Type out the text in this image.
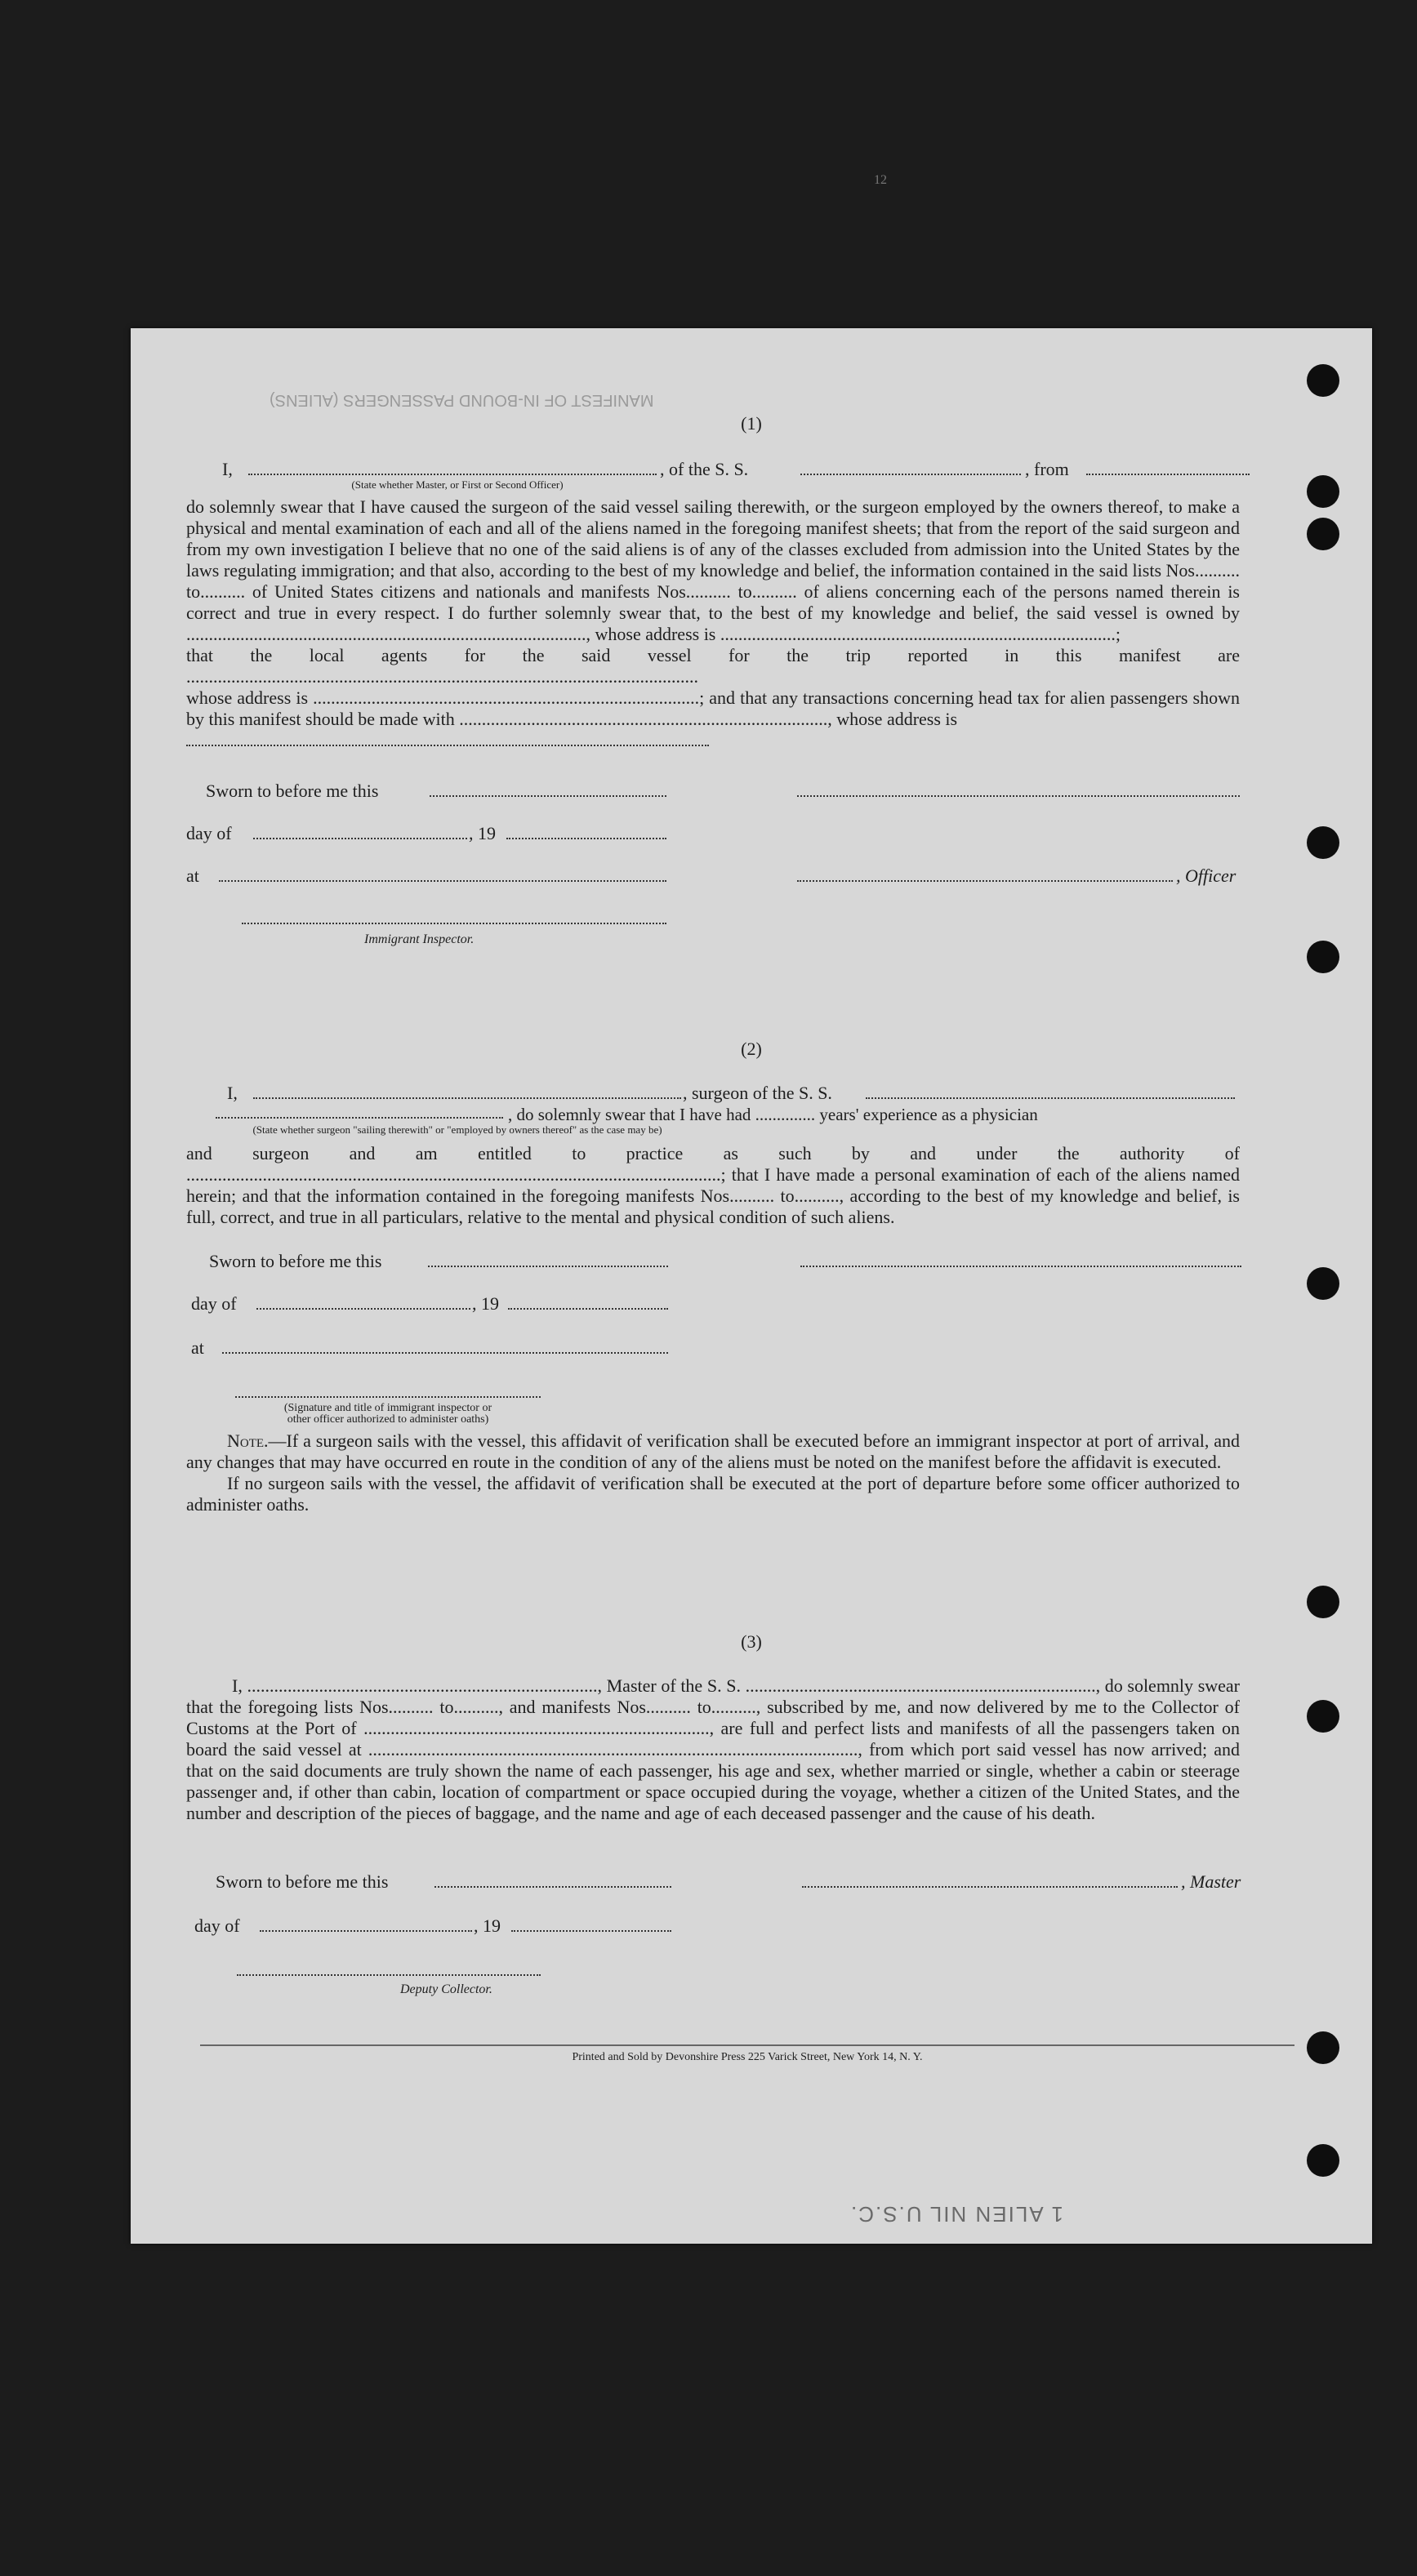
12
MANIFEST OF IN-BOUND PASSENGERS (ALIENS)
(1)
I,	, of the S. S.	, from
(State whether Master, or First or Second Officer)

do solemnly swear that I have caused the surgeon of the said vessel sailing therewith, or the surgeon employed by the owners thereof, to make a physical and mental examination of each and all of the aliens named in the foregoing manifest sheets; that from the report of the said surgeon and from my own investigation I believe that no one of the said aliens is of any of the classes excluded from admission into the United States by the laws regulating immigration; and that also, according to the best of my knowledge and belief, the information contained in the said lists Nos.......... to.......... of United States citizens and nationals and manifests Nos.......... to.......... of aliens concerning each of the persons named therein is correct and true in every respect. I do further solemnly swear that, to the best of my knowledge and belief, the said vessel is owned by ........................................................................................., whose address is ........................................................................................;

that the local agents for the said vessel for the trip reported in this manifest are ..................................................................................................................

whose address is ......................................................................................; and that any transactions concerning head tax for alien passengers shown by this manifest should be made with .................................................................................., whose address is

Sworn to before me this
day of	, 19
at	, Officer
Immigrant Inspector.
(2)
I,	, surgeon of the S. S.
, do solemnly swear that I have had .............. years' experience as a physician
(State whether surgeon "sailing therewith" or "employed by owners thereof" as the case may be)
and surgeon and am entitled to practice as such by and under the authority of .......................................................................................................................; that I have made a personal examination of each of the aliens named herein; and that the information contained in the foregoing manifests Nos.......... to.........., according to the best of my knowledge and belief, is full, correct, and true in all particulars, relative to the mental and physical condition of such aliens.
Sworn to before me this
day of	, 19
at
(Signature and title of immigrant inspector or
other officer authorized to administer oaths)

Note.—If a surgeon sails with the vessel, this affidavit of verification shall be executed before an immigrant inspector at port of arrival, and any changes that may have occurred en route in the condition of any of the aliens must be noted on the manifest before the affidavit is executed.

If no surgeon sails with the vessel, the affidavit of verification shall be executed at the port of departure before some officer authorized to administer oaths.

(3)
I, .............................................................................., Master of the S. S. .............................................................................., do solemnly swear that the foregoing lists Nos.......... to.........., and manifests Nos.......... to.........., subscribed by me, and now delivered by me to the Collector of Customs at the Port of ............................................................................., are full and perfect lists and manifests of all the passengers taken on board the said vessel at ............................................................................................................., from which port said vessel has now arrived; and that on the said documents are truly shown the name of each passenger, his age and sex, whether married or single, whether a cabin or steerage passenger and, if other than cabin, location of compartment or space occupied during the voyage, whether a citizen of the United States, and the number and description of the pieces of baggage, and the name and age of each deceased passenger and the cause of his death.
Sworn to before me this	, Master
day of	, 19
Deputy Collector.
Printed and Sold by Devonshire Press 225 Varick Street, New York 14, N. Y.
1 ALIEN NIL U.S.C.
